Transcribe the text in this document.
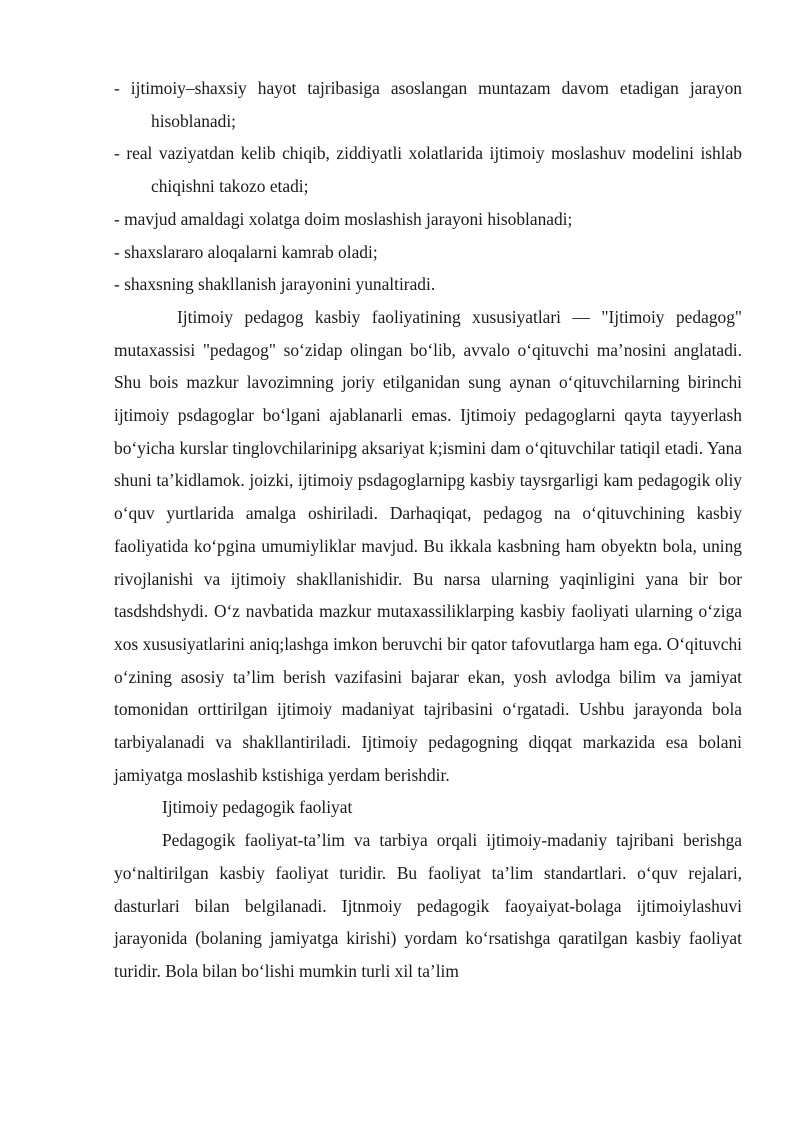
- ijtimoiy–shaxsiy hayot tajribasiga asoslangan muntazam davom etadigan jarayon hisoblanadi;

- real vaziyatdan kelib chiqib, ziddiyatli xolatlarida ijtimoiy moslashuv modelini ishlab chiqishni takozo etadi;

- mavjud amaldagi xolatga doim moslashish jarayoni hisoblanadi;

- shaxslararo aloqalarni kamrab oladi;

- shaxsning shakllanish jarayonini yunaltiradi.

Ijtimoiy pedagog kasbiy faoliyatining xususiyatlari — "Ijtimoiy pedagog" mutaxassisi "pedagog" so‘zidap olingan bo‘lib, avvalo o‘qituvchi ma’nosini anglatadi. Shu bois mazkur lavozimning joriy etilganidan sung aynan o‘qituvchilarning birinchi ijtimoiy psdagoglar bo‘lgani ajablanarli emas. Ijtimoiy pedagoglarni qayta tayyerlash bo‘yicha kurslar tinglovchilarinipg aksariyat k;ismini dam o‘qituvchilar tatiqil etadi. Yana shuni ta’kidlamok. joizki, ijtimoiy psdagoglarnipg kasbiy taysrgarligi kam pedagogik oliy o‘quv yurtlarida amalga oshiriladi. Darhaqiqat, pedagog na o‘qituvchining kasbiy faoliyatida ko‘pgina umumiyliklar mavjud. Bu ikkala kasbning ham obyektn bola, uning rivojlanishi va ijtimoiy shakllanishidir. Bu narsa ularning yaqinligini yana bir bor tasdshdshydi. O‘z navbatida mazkur mutaxassiliklarping kasbiy faoliyati ularning o‘ziga xos xususiyatlarini aniq;lashga imkon beruvchi bir qator tafovutlarga ham ega. O‘qituvchi o‘zining asosiy ta’lim berish vazifasini bajarar ekan, yosh avlodga bilim va jamiyat tomonidan orttirilgan ijtimoiy madaniyat tajribasini o‘rgatadi. Ushbu jarayonda bola tarbiyalanadi va shakllantiriladi. Ijtimoiy pedagogning diqqat markazida esa bolani jamiyatga moslashib kstishiga yerdam berishdir.

Ijtimoiy pedagogik faoliyat

Pedagogik faoliyat-ta’lim va tarbiya orqali ijtimoiy-madaniy tajribani berishga yo‘naltirilgan kasbiy faoliyat turidir. Bu faoliyat ta’lim standartlari. o‘quv rejalari, dasturlari bilan belgilanadi. Ijtnmoiy pedagogik faoyaiyat-bolaga ijtimoiylashuvi jarayonida (bolaning jamiyatga kirishi) yordam ko‘rsatishga qaratilgan kasbiy faoliyat turidir. Bola bilan bo‘lishi mumkin turli xil ta’lim
